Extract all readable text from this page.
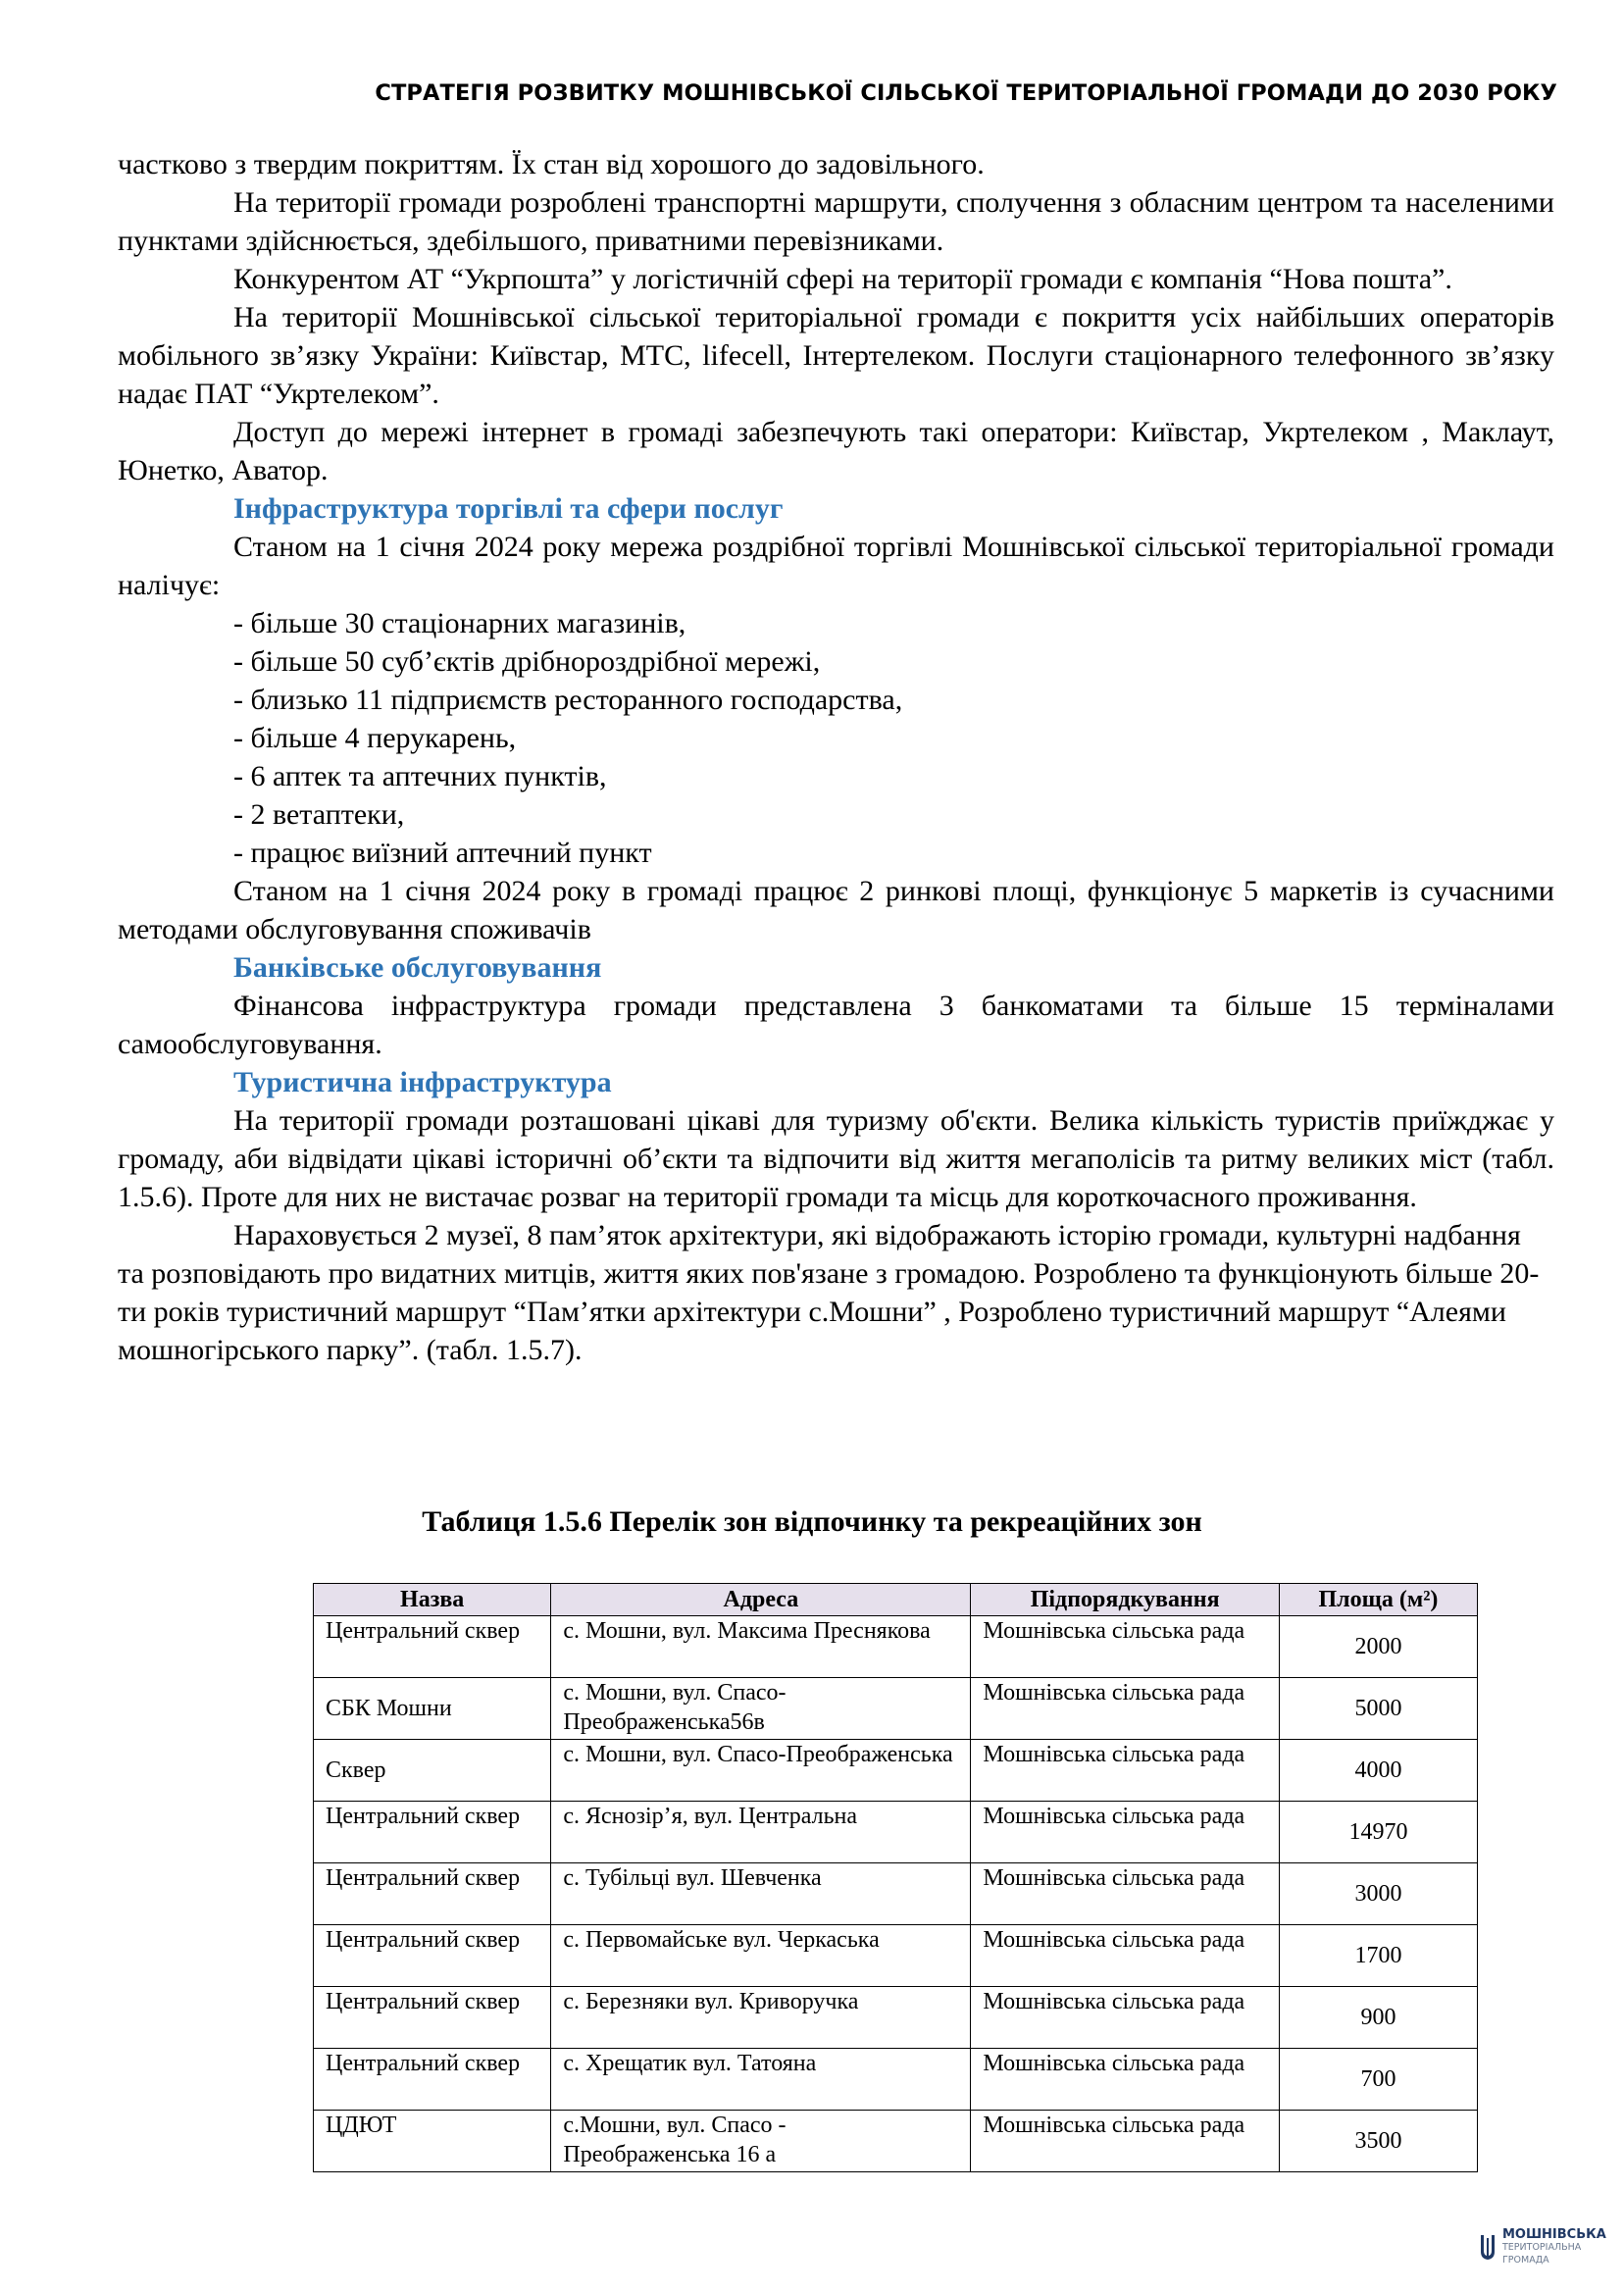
СТРАТЕГІЯ РОЗВИТКУ МОШНІВСЬКОЇ СІЛЬСЬКОЇ ТЕРИТОРІАЛЬНОЇ ГРОМАДИ ДО 2030 РОКУ

частково з твердим покриттям. Їх стан від хорошого до задовільного.

На території громади розроблені транспортні маршрути, сполучення з обласним центром та населеними пунктами здійснюється, здебільшого, приватними перевізниками.

Конкурентом АТ “Укрпошта” у логістичній сфері на території громади є компанія “Нова пошта”.

На території Мошнівської сільської територіальної громади є покриття усіх найбільших операторів мобільного зв’язку України: Київстар, МТС, lifecell, Інтертелеком. Послуги стаціонарного телефонного зв’язку надає ПАТ “Укртелеком”.

Доступ до мережі інтернет в громаді забезпечують такі оператори: Київстар, Укртелеком , Маклаут, Юнетко, Аватор.

Інфраструктура торгівлі та сфери послуг

Станом на 1 січня 2024 року мережа роздрібної торгівлі Мошнівської сільської територіальної громади налічує:

- більше 30 стаціонарних магазинів,

- більше 50 суб’єктів дрібнороздрібної мережі,

- близько 11 підприємств ресторанного господарства,

- більше 4 перукарень,

- 6 аптек та аптечних пунктів,

- 2 ветаптеки,

- працює виїзний аптечний пункт

Станом на 1 січня 2024 року в громаді працює 2 ринкові площі, функціонує 5 маркетів із сучасними методами обслуговування споживачів

Банківське обслуговування

Фінансова інфраструктура громади представлена 3 банкоматами та більше 15 терміналами самообслуговування.

Туристична інфраструктура

На території громади розташовані цікаві для туризму об'єкти. Велика кількість туристів приїжджає у громаду, аби відвідати цікаві історичні об’єкти та відпочити від життя мегаполісів та ритму великих міст (табл. 1.5.6). Проте для них не вистачає розваг на території громади та місць для короткочасного проживання.

Нараховується 2 музеї, 8 пам’яток архітектури, які відображають історію громади, культурні надбання та розповідають про видатних митців, життя яких пов'язане з громадою. Розроблено та функціонують більше 20-ти років туристичний маршрут “Пам’ятки архітектури с.Мошни” , Розроблено туристичний маршрут “Алеями мошногірського парку”. (табл. 1.5.7).

Таблиця 1.5.6 Перелік зон відпочинку та рекреаційних зон
Назва	Адреса	Підпорядкування	Площа (м²)
Центральний сквер	с. Мошни, вул. Максима Преснякова	Мошнівська сільська рада	2000
СБК Мошни	с. Мошни, вул. Спасо-Преображенська56в	Мошнівська сільська рада	5000
Сквер	с. Мошни, вул. Спасо-Преображенська	Мошнівська сільська рада	4000
Центральний сквер	с. Яснозір’я, вул. Центральна	Мошнівська сільська рада	14970
Центральний сквер	с. Тубільці вул. Шевченка	Мошнівська сільська рада	3000
Центральний сквер	с. Первомайське вул. Черкаська	Мошнівська сільська рада	1700
Центральний сквер	с. Березняки вул. Криворучка	Мошнівська сільська рада	900
Центральний сквер	с. Хрещатик вул. Татояна	Мошнівська сільська рада	700
ЦДЮТ	с.Мошни, вул. Спасо - Преображенська 16 а	Мошнівська сільська рада	3500
МОШНІВСЬКА
ТЕРИТОРІАЛЬНА
ГРОМАДА
